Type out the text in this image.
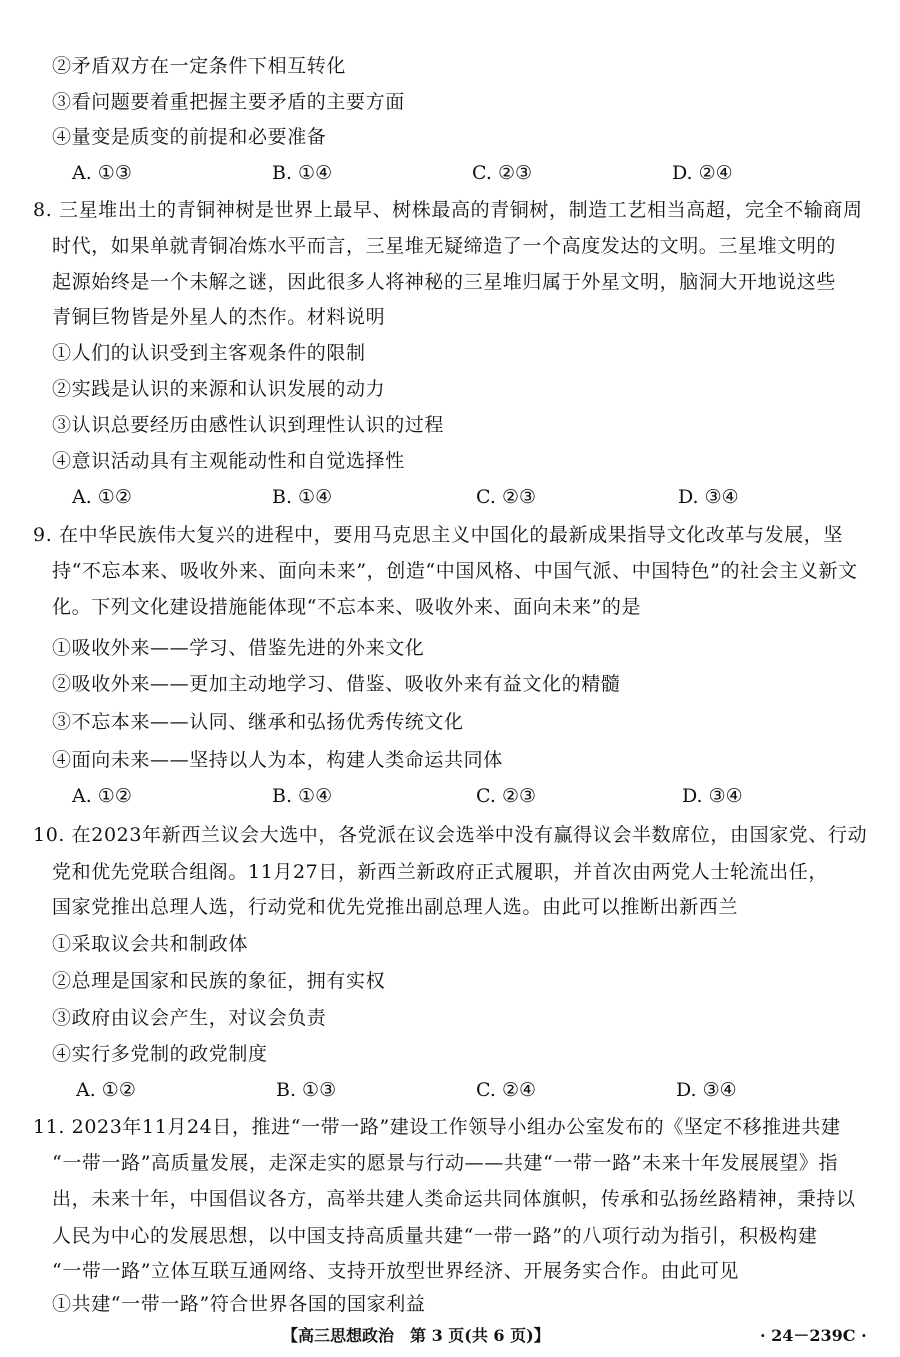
②矛盾双方在一定条件下相互转化
③看问题要着重把握主要矛盾的主要方面
④量变是质变的前提和必要准备
A. ①③	B. ①④	C. ②③	D. ②④
8. 三星堆出土的青铜神树是世界上最早、树株最高的青铜树，制造工艺相当高超，完全不输商周
时代，如果单就青铜冶炼水平而言，三星堆无疑缔造了一个高度发达的文明。三星堆文明的
起源始终是一个未解之谜，因此很多人将神秘的三星堆归属于外星文明，脑洞大开地说这些
青铜巨物皆是外星人的杰作。材料说明
①人们的认识受到主客观条件的限制
②实践是认识的来源和认识发展的动力
③认识总要经历由感性认识到理性认识的过程
④意识活动具有主观能动性和自觉选择性
A. ①②	B. ①④	C. ②③	D. ③④
9. 在中华民族伟大复兴的进程中，要用马克思主义中国化的最新成果指导文化改革与发展，坚
持“不忘本来、吸收外来、面向未来”，创造“中国风格、中国气派、中国特色”的社会主义新文
化。下列文化建设措施能体现“不忘本来、吸收外来、面向未来”的是
①吸收外来——学习、借鉴先进的外来文化
②吸收外来——更加主动地学习、借鉴、吸收外来有益文化的精髓
③不忘本来——认同、继承和弘扬优秀传统文化
④面向未来——坚持以人为本，构建人类命运共同体
A. ①②	B. ①④	C. ②③	D. ③④
10. 在2023年新西兰议会大选中，各党派在议会选举中没有赢得议会半数席位，由国家党、行动
党和优先党联合组阁。11月27日，新西兰新政府正式履职，并首次由两党人士轮流出任，
国家党推出总理人选，行动党和优先党推出副总理人选。由此可以推断出新西兰
①采取议会共和制政体
②总理是国家和民族的象征，拥有实权
③政府由议会产生，对议会负责
④实行多党制的政党制度
A. ①②	B. ①③	C. ②④	D. ③④
11. 2023年11月24日，推进“一带一路”建设工作领导小组办公室发布的《坚定不移推进共建
“一带一路”高质量发展，走深走实的愿景与行动——共建“一带一路”未来十年发展展望》指
出，未来十年，中国倡议各方，高举共建人类命运共同体旗帜，传承和弘扬丝路精神，秉持以
人民为中心的发展思想，以中国支持高质量共建“一带一路”的八项行动为指引，积极构建
“一带一路”立体互联互通网络、支持开放型世界经济、开展务实合作。由此可见
①共建“一带一路”符合世界各国的国家利益
【高三思想政治　第 3 页(共 6 页)】	· 24－239C ·
